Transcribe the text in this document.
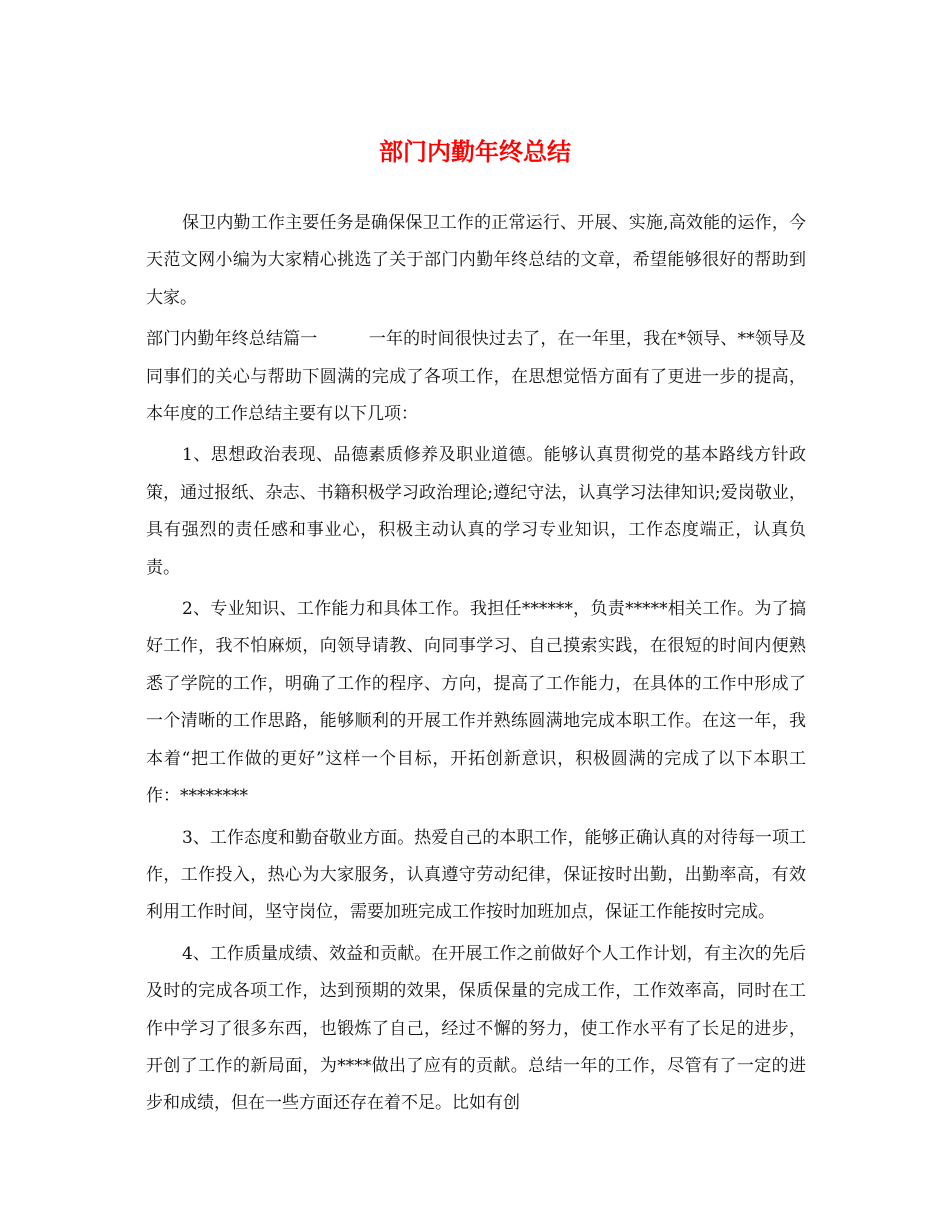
部门内勤年终总结

保卫内勤工作主要任务是确保保卫工作的正常运行、开展、实施,高效能的运作，今天范文网小编为大家精心挑选了关于部门内勤年终总结的文章，希望能够很好的帮助到大家。

部门内勤年终总结篇一　　　一年的时间很快过去了，在一年里，我在*领导、**领导及同事们的关心与帮助下圆满的完成了各项工作，在思想觉悟方面有了更进一步的提高，本年度的工作总结主要有以下几项：

1、思想政治表现、品德素质修养及职业道德。能够认真贯彻党的基本路线方针政策，通过报纸、杂志、书籍积极学习政治理论;遵纪守法，认真学习法律知识;爱岗敬业，具有强烈的责任感和事业心，积极主动认真的学习专业知识，工作态度端正，认真负责。

2、专业知识、工作能力和具体工作。我担任******，负责*****相关工作。为了搞好工作，我不怕麻烦，向领导请教、向同事学习、自己摸索实践，在很短的时间内便熟悉了学院的工作，明确了工作的程序、方向，提高了工作能力，在具体的工作中形成了一个清晰的工作思路，能够顺利的开展工作并熟练圆满地完成本职工作。在这一年，我本着“把工作做的更好”这样一个目标，开拓创新意识，积极圆满的完成了以下本职工作：********

3、工作态度和勤奋敬业方面。热爱自己的本职工作，能够正确认真的对待每一项工作，工作投入，热心为大家服务，认真遵守劳动纪律，保证按时出勤，出勤率高，有效利用工作时间，坚守岗位，需要加班完成工作按时加班加点，保证工作能按时完成。

4、工作质量成绩、效益和贡献。在开展工作之前做好个人工作计划，有主次的先后及时的完成各项工作，达到预期的效果，保质保量的完成工作，工作效率高，同时在工作中学习了很多东西，也锻炼了自己，经过不懈的努力，使工作水平有了长足的进步，开创了工作的新局面，为****做出了应有的贡献。总结一年的工作，尽管有了一定的进步和成绩，但在一些方面还存在着不足。比如有创
